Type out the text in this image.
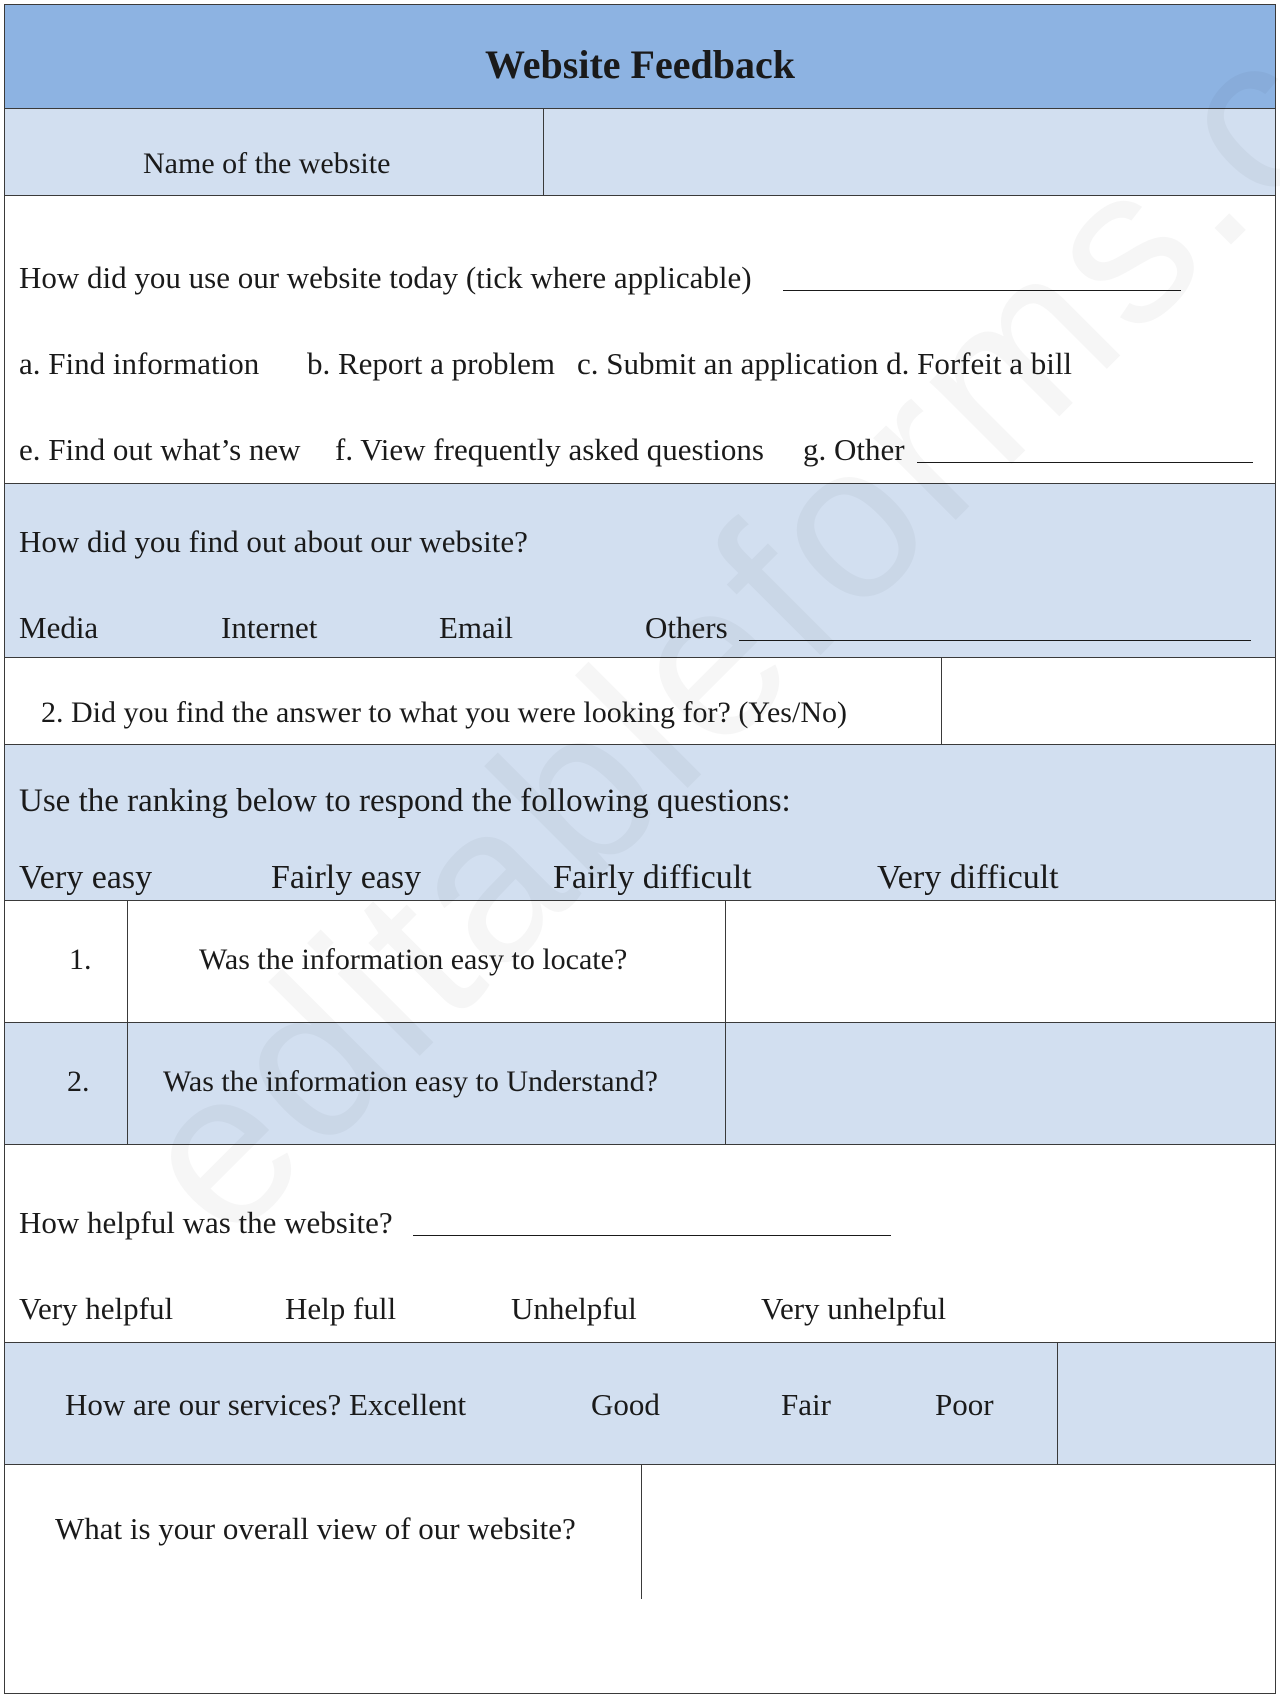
Website Feedback
Name of the website
How did you use our website today (tick where applicable)
a. Find information b. Report a problem c. Submit an application d. Forfeit a bill
e. Find out what’s new f. View frequently asked questions g. Other
How did you find out about our website?
Media	Internet	Email	Others
2. Did you find the answer to what you were looking for? (Yes/No)
Use the ranking below to respond the following questions:
Very easy	Fairly easy	Fairly difficult	Very difficult
1.	Was the information easy to locate?
2. Was the information easy to Understand?
How helpful was the website?
Very helpful	Help full	Unhelpful	Very unhelpful
How are our services? Excellent	Good	Fair	Poor
What is your overall view of our website?
